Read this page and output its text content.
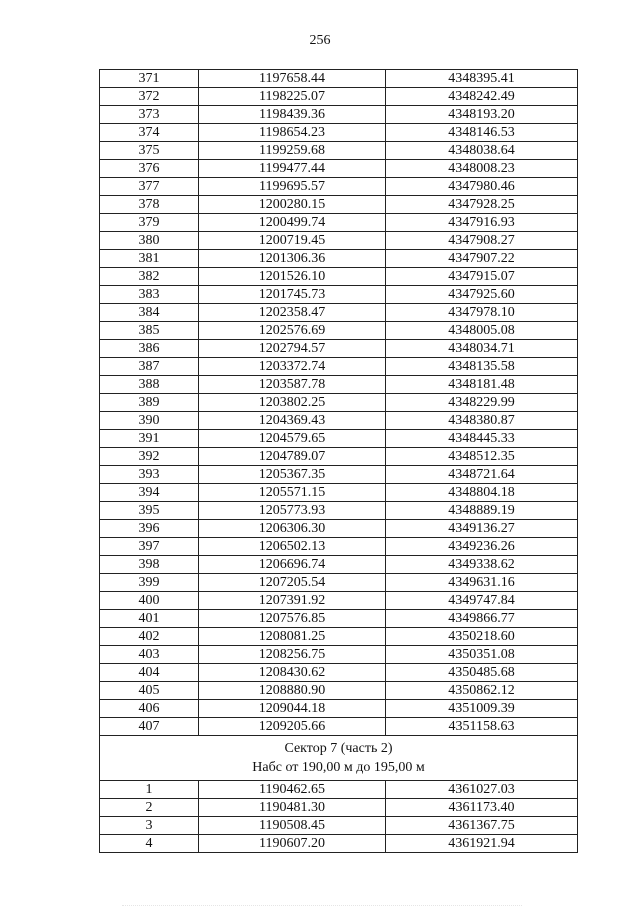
256
371	1197658.44	4348395.41
372	1198225.07	4348242.49
373	1198439.36	4348193.20
374	1198654.23	4348146.53
375	1199259.68	4348038.64
376	1199477.44	4348008.23
377	1199695.57	4347980.46
378	1200280.15	4347928.25
379	1200499.74	4347916.93
380	1200719.45	4347908.27
381	1201306.36	4347907.22
382	1201526.10	4347915.07
383	1201745.73	4347925.60
384	1202358.47	4347978.10
385	1202576.69	4348005.08
386	1202794.57	4348034.71
387	1203372.74	4348135.58
388	1203587.78	4348181.48
389	1203802.25	4348229.99
390	1204369.43	4348380.87
391	1204579.65	4348445.33
392	1204789.07	4348512.35
393	1205367.35	4348721.64
394	1205571.15	4348804.18
395	1205773.93	4348889.19
396	1206306.30	4349136.27
397	1206502.13	4349236.26
398	1206696.74	4349338.62
399	1207205.54	4349631.16
400	1207391.92	4349747.84
401	1207576.85	4349866.77
402	1208081.25	4350218.60
403	1208256.75	4350351.08
404	1208430.62	4350485.68
405	1208880.90	4350862.12
406	1209044.18	4351009.39
407	1209205.66	4351158.63

Сектор 7 (часть 2)
Набс от 190,00 м до 195,00 м		

1	1190462.65	4361027.03
2	1190481.30	4361173.40
3	1190508.45	4361367.75
4	1190607.20	4361921.94
